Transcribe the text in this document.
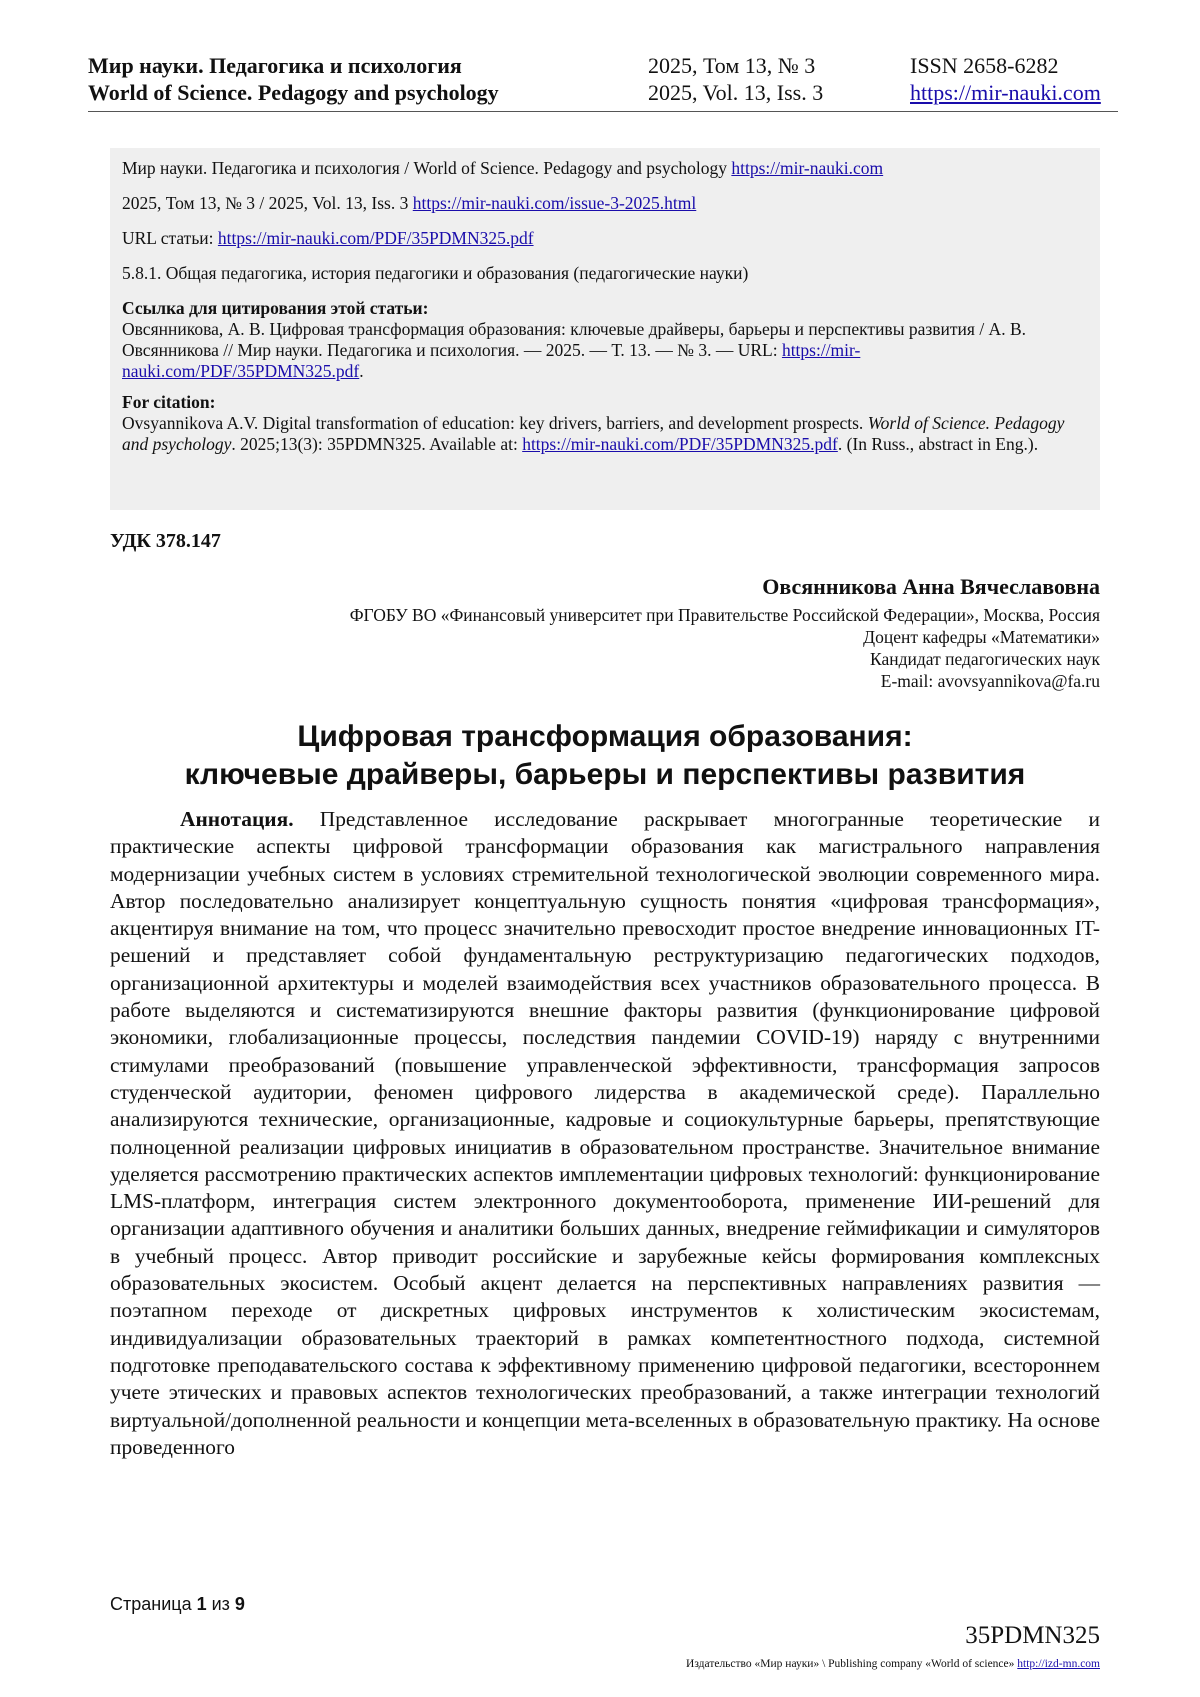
Мир науки. Педагогика и психология
World of Science. Pedagogy and psychology
2025, Том 13, № 3
2025, Vol. 13, Iss. 3
ISSN 2658-6282
https://mir-nauki.com

Мир науки. Педагогика и психология / World of Science. Pedagogy and psychology https://mir-nauki.com

2025, Том 13, № 3 / 2025, Vol. 13, Iss. 3 https://mir-nauki.com/issue-3-2025.html

URL статьи: https://mir-nauki.com/PDF/35PDMN325.pdf

5.8.1. Общая педагогика, история педагогики и образования (педагогические науки)

Ссылка для цитирования этой статьи:
Овсянникова, А. В. Цифровая трансформация образования: ключевые драйверы, барьеры и перспективы развития / А. В. Овсянникова // Мир науки. Педагогика и психология. — 2025. — Т. 13. — № 3. — URL: https://mir-nauki.com/PDF/35PDMN325.pdf.
For citation:
Ovsyannikova A.V. Digital transformation of education: key drivers, barriers, and development prospects. World of Science. Pedagogy and psychology. 2025;13(3): 35PDMN325. Available at: https://mir-nauki.com/PDF/35PDMN325.pdf. (In Russ., abstract in Eng.).
УДК 378.147
Овсянникова Анна Вячеславовна
ФГОБУ ВО «Финансовый университет при Правительстве Российской Федерации», Москва, Россия
Доцент кафедры «Математики»
Кандидат педагогических наук
E-mail: avovsyannikova@fa.ru
Цифровая трансформация образования:
ключевые драйверы, барьеры и перспективы развития

Аннотация. Представленное исследование раскрывает многогранные теоретические и практические аспекты цифровой трансформации образования как магистрального направления модернизации учебных систем в условиях стремительной технологической эволюции современного мира. Автор последовательно анализирует концептуальную сущность понятия «цифровая трансформация», акцентируя внимание на том, что процесс значительно превосходит простое внедрение инновационных IT-решений и представляет собой фундаментальную реструктуризацию педагогических подходов, организационной архитектуры и моделей взаимодействия всех участников образовательного процесса. В работе выделяются и систематизируются внешние факторы развития (функционирование цифровой экономики, глобализационные процессы, последствия пандемии COVID-19) наряду с внутренними стимулами преобразований (повышение управленческой эффективности, трансформация запросов студенческой аудитории, феномен цифрового лидерства в академической среде). Параллельно анализируются технические, организационные, кадровые и социокультурные барьеры, препятствующие полноценной реализации цифровых инициатив в образовательном пространстве. Значительное внимание уделяется рассмотрению практических аспектов имплементации цифровых технологий: функционирование LMS-платформ, интеграция систем электронного документооборота, применение ИИ-решений для организации адаптивного обучения и аналитики больших данных, внедрение геймификации и симуляторов в учебный процесс. Автор приводит российские и зарубежные кейсы формирования комплексных образовательных экосистем. Особый акцент делается на перспективных направлениях развития — поэтапном переходе от дискретных цифровых инструментов к холистическим экосистемам, индивидуализации образовательных траекторий в рамках компетентностного подхода, системной подготовке преподавательского состава к эффективному применению цифровой педагогики, всестороннем учете этических и правовых аспектов технологических преобразований, а также интеграции технологий виртуальной/дополненной реальности и концепции мета-вселенных в образовательную практику. На основе проведенного

Страница 1 из 9
35PDMN325
Издательство «Мир науки» \ Publishing company «World of science» http://izd-mn.com
